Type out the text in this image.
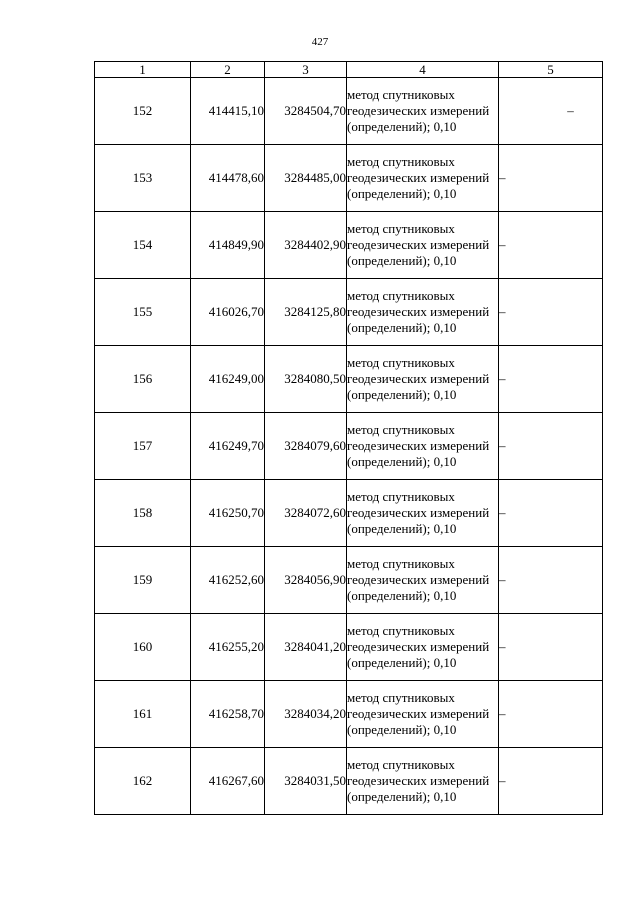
427
1	2	3	4	5
152	414415,10	3284504,70	метод спутниковых геодезических измерений (определений); 0,10	–
153	414478,60	3284485,00	метод спутниковых геодезических измерений (определений); 0,10	–
154	414849,90	3284402,90	метод спутниковых геодезических измерений (определений); 0,10	–
155	416026,70	3284125,80	метод спутниковых геодезических измерений (определений); 0,10	–
156	416249,00	3284080,50	метод спутниковых геодезических измерений (определений); 0,10	–
157	416249,70	3284079,60	метод спутниковых геодезических измерений (определений); 0,10	–
158	416250,70	3284072,60	метод спутниковых геодезических измерений (определений); 0,10	–
159	416252,60	3284056,90	метод спутниковых геодезических измерений (определений); 0,10	–
160	416255,20	3284041,20	метод спутниковых геодезических измерений (определений); 0,10	–
161	416258,70	3284034,20	метод спутниковых геодезических измерений (определений); 0,10	–
162	416267,60	3284031,50	метод спутниковых геодезических измерений (определений); 0,10	–
